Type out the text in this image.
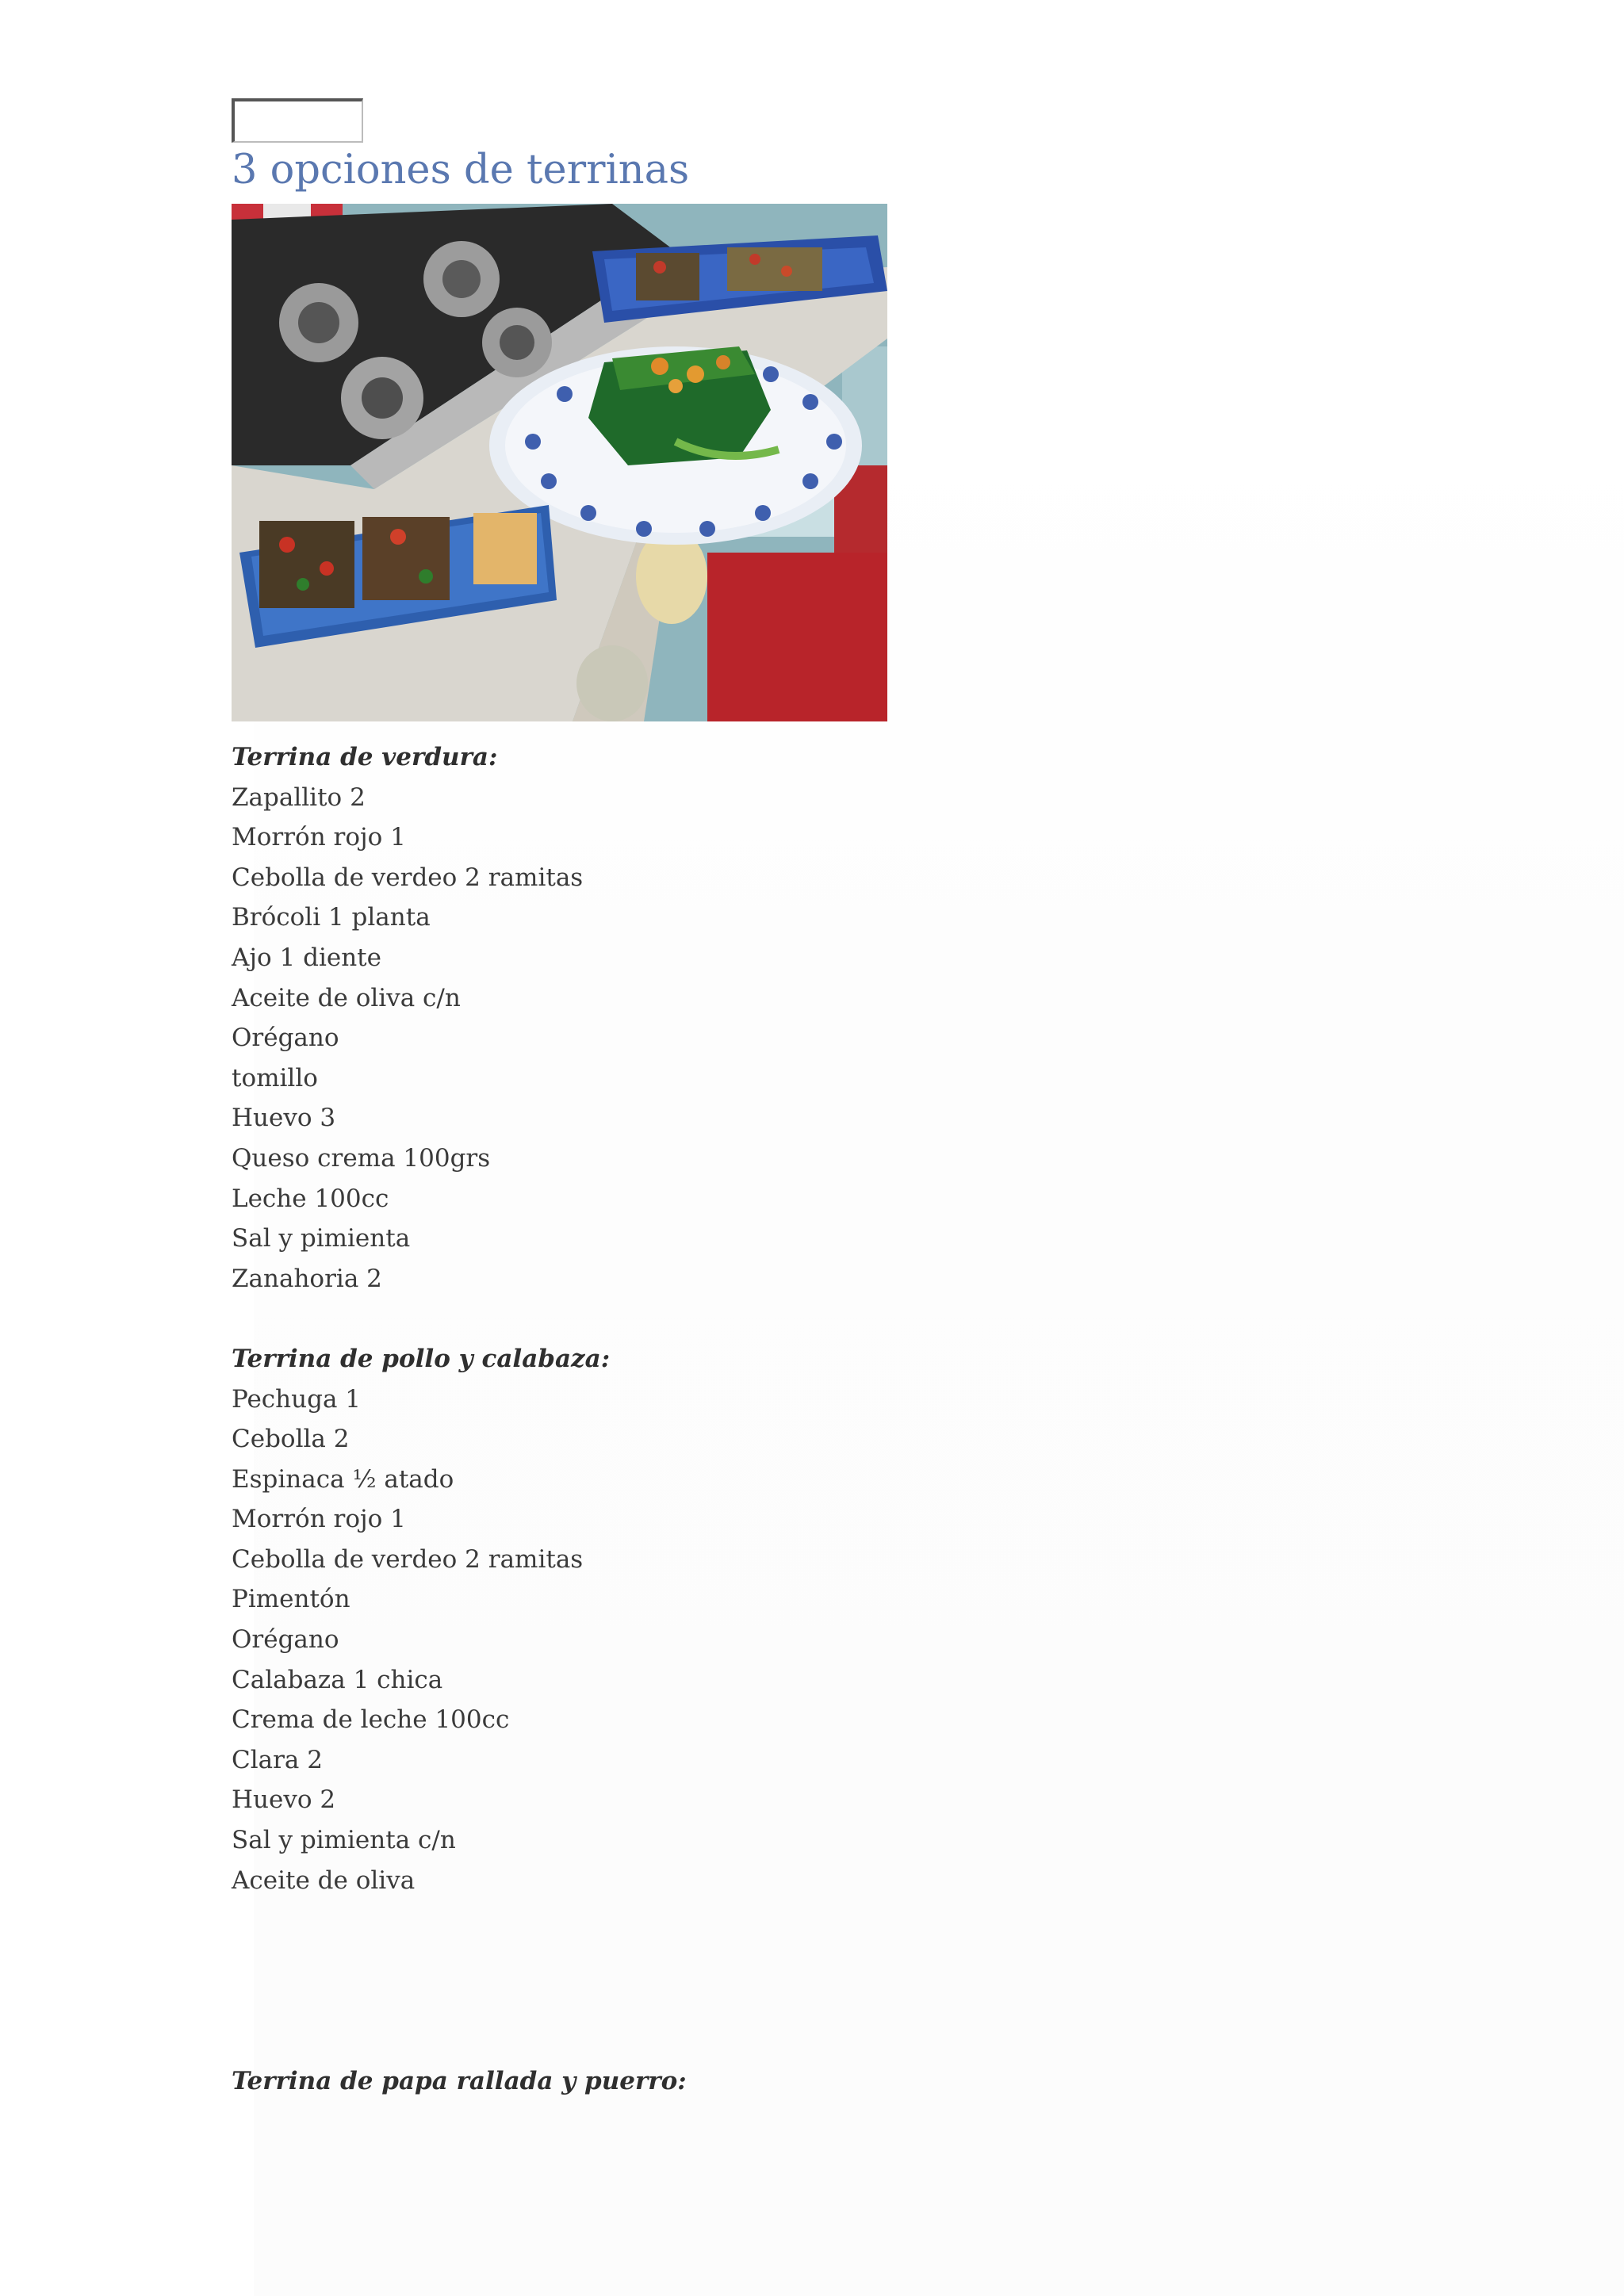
3 opciones de terrinas
Terrina de verdura:
Zapallito 2
Morrón rojo 1
Cebolla de verdeo 2 ramitas
Brócoli 1 planta
Ajo 1 diente
Aceite de oliva c/n
Orégano
tomillo
Huevo 3
Queso crema 100grs
Leche 100cc
Sal y pimienta
Zanahoria 2
Terrina de pollo y calabaza:
Pechuga 1
Cebolla 2
Espinaca ½ atado
Morrón rojo 1
Cebolla de verdeo 2 ramitas
Pimentón
Orégano
Calabaza 1 chica
Crema de leche 100cc
Clara 2
Huevo 2
Sal y pimienta c/n
Aceite de oliva
Terrina de papa rallada y puerro:
